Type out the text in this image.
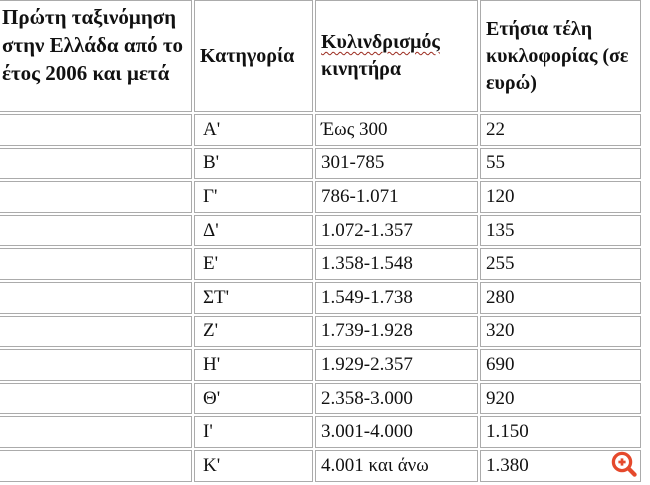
Πρώτη ταξινόμηση στην Ελλάδα από το έτος 2006 και μετά	Κατηγορία	Κυλινδρισμός
κινητήρα	Ετήσια τέλη κυκλοφορίας (σε ευρώ)
	Α'	Έως 300	22
	Β'	301-785	55
	Γ'	786-1.071	120
	Δ'	1.072-1.357	135
	Ε'	1.358-1.548	255
	ΣΤ'	1.549-1.738	280
	Ζ'	1.739-1.928	320
	Η'	1.929-2.357	690
	Θ'	2.358-3.000	920
	Ι'	3.001-4.000	1.150
	Κ'	4.001 και άνω	1.380
